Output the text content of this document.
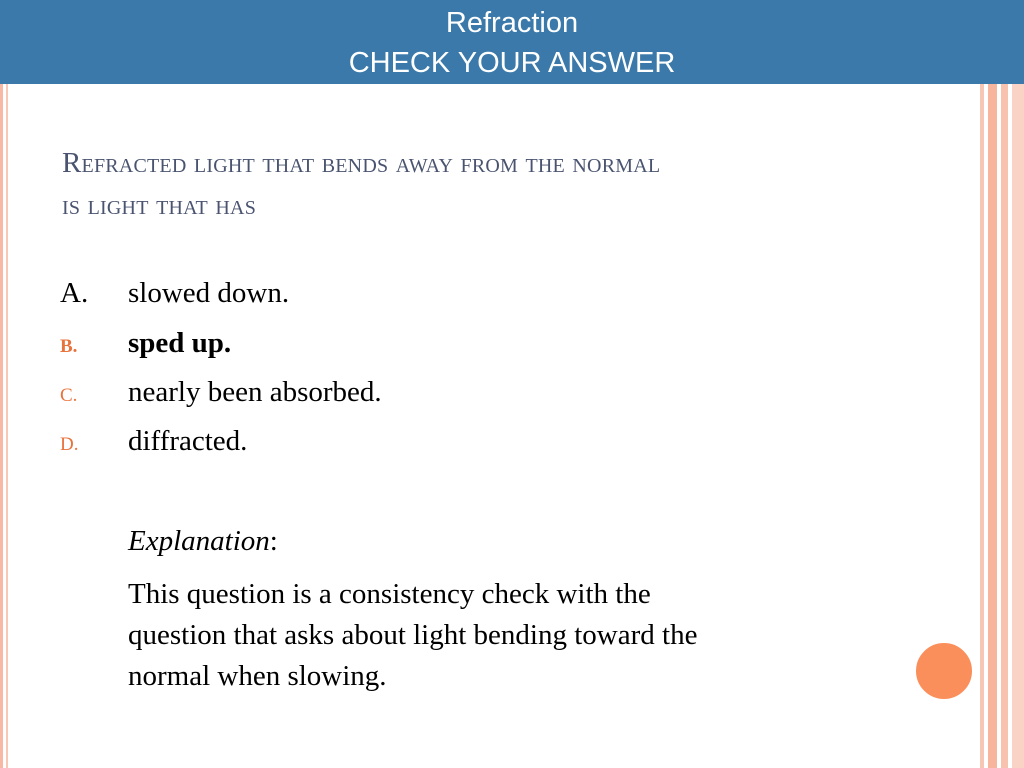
Refraction
CHECK YOUR ANSWER
Refracted light that bends away from the normal
is light that has
A. slowed down.
B. sped up.
C. nearly been absorbed.
D. diffracted.
Explanation:
This question is a consistency check with the
question that asks about light bending toward the
normal when slowing.
